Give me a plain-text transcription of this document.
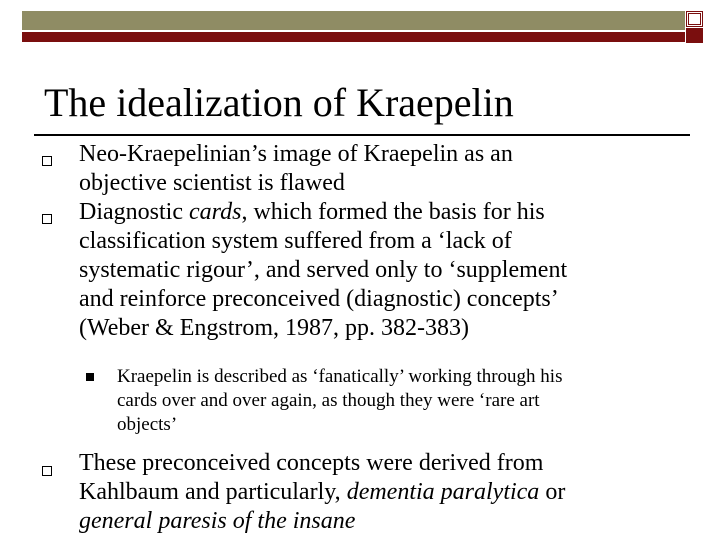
The idealization of Kraepelin
Neo-Kraepelinian’s image of Kraepelin as an
objective scientist is flawed
Diagnostic cards, which formed the basis for his
classification system suffered from a ‘lack of
systematic rigour’, and served only to ‘supplement
and reinforce preconceived (diagnostic) concepts’
(Weber & Engstrom, 1987, pp. 382-383)
Kraepelin is described as ‘fanatically’ working through his
cards over and over again, as though they were ‘rare art
objects’
These preconceived concepts were derived from
Kahlbaum and particularly, dementia paralytica or
general paresis of the insane
